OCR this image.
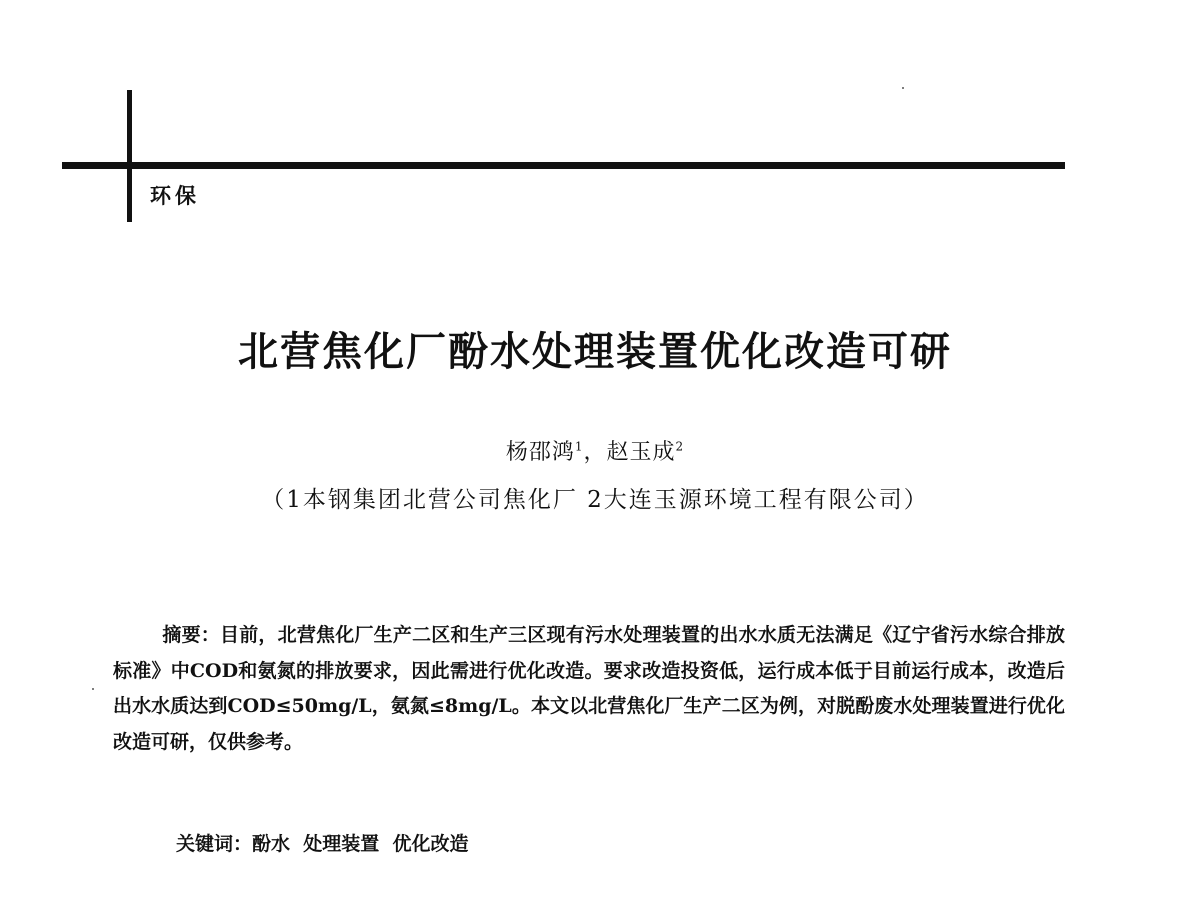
环保
北营焦化厂酚水处理装置优化改造可研
杨邵鸿$^1$，赵玉成$^2$
（1本钢集团北营公司焦化厂 2大连玉源环境工程有限公司）

摘要：目前，北营焦化厂生产二区和生产三区现有污水处理装置的出水水质无法满足《辽宁省污水综合排放标准》中COD和氨氮的排放要求，因此需进行优化改造。要求改造投资低，运行成本低于目前运行成本，改造后出水水质达到COD≤50mg/L，氨氮≤8mg/L。本文以北营焦化厂生产二区为例，对脱酚废水处理装置进行优化改造可研，仅供参考。

关键词：酚水  处理装置  优化改造
